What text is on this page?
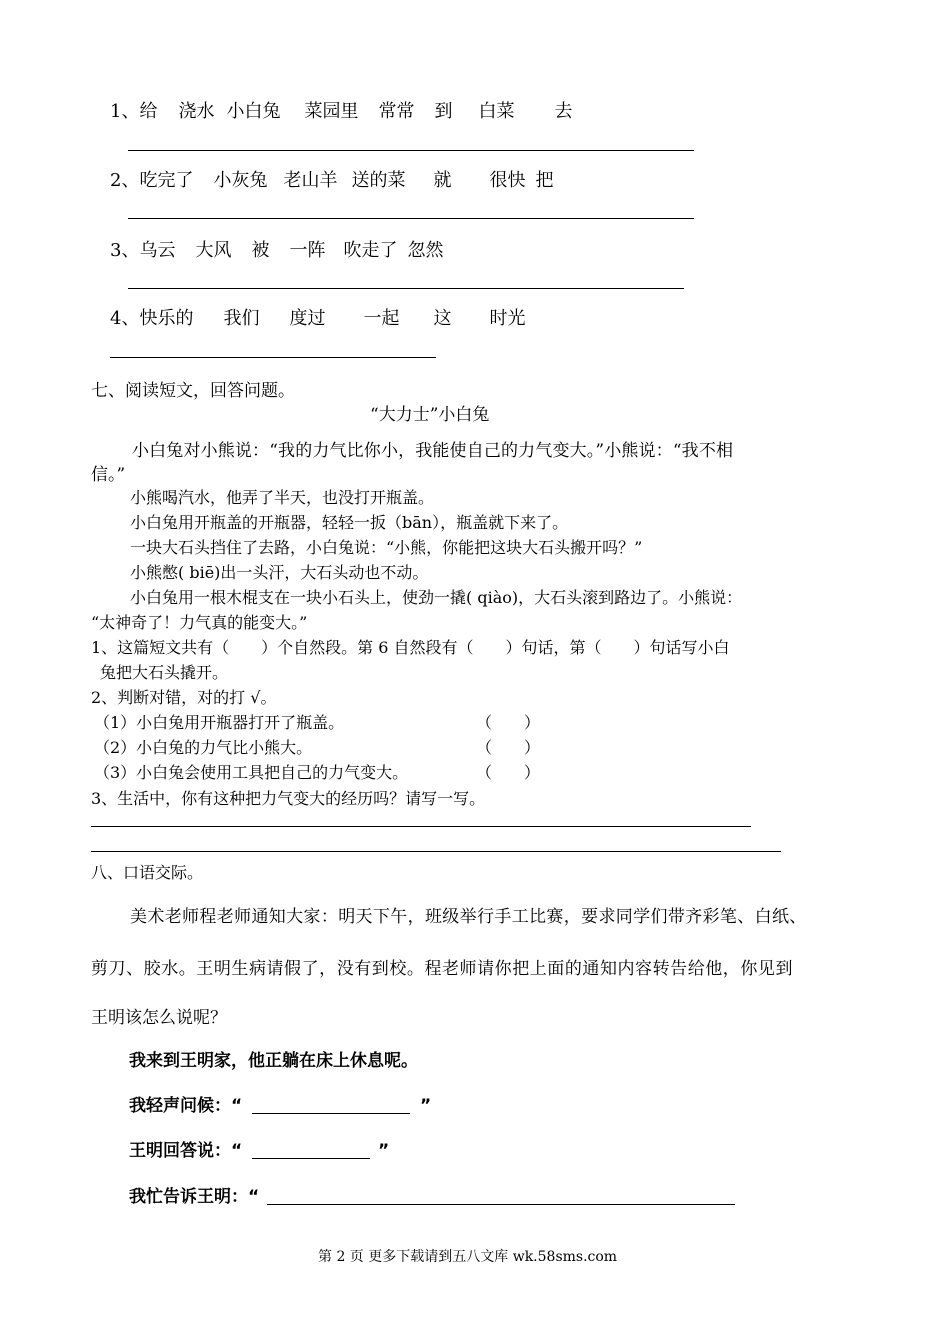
1、给 浇水 小白兔 菜园里 常常 到 白菜 去
2、吃完了 小灰兔 老山羊 送的菜 就 很快 把
3、乌云 大风 被 一阵 吹走了 忽然
4、快乐的 我们 度过 一起 这 时光
七、阅读短文，回答问题。
“大力士”小白兔
小白兔对小熊说：“我的力气比你小，我能使自己的力气变大。”小熊说：“我不相
信。”
小熊喝汽水，他弄了半天，也没打开瓶盖。
小白兔用开瓶盖的开瓶器，轻轻一扳（bān），瓶盖就下来了。
一块大石头挡住了去路，小白兔说：“小熊，你能把这块大石头搬开吗？”
小熊憋( biē)出一头汗，大石头动也不动。
小白兔用一根木棍支在一块小石头上，使劲一撬( qiào)，大石头滚到路边了。小熊说：
“太神奇了！力气真的能变大。”
1、这篇短文共有（　　）个自然段。第 6 自然段有（　　）句话，第（　　）句话写小白
兔把大石头撬开。
2、判断对错，对的打 √。
（1）小白兔用开瓶器打开了瓶盖。	（　　）
（2）小白兔的力气比小熊大。	（　　）
（3）小白兔会使用工具把自己的力气变大。	（　　）
3、生活中，你有这种把力气变大的经历吗？请写一写。
八、口语交际。
美术老师程老师通知大家：明天下午，班级举行手工比赛，要求同学们带齐彩笔、白纸、
剪刀、胶水。王明生病请假了，没有到校。程老师请你把上面的通知内容转告给他，你见到
王明该怎么说呢？
我来到王明家，他正躺在床上休息呢。
我轻声问候：“	”
王明回答说：“	”
我忙告诉王明：“
第 2 页 更多下载请到五八文库 wk.58sms.com
